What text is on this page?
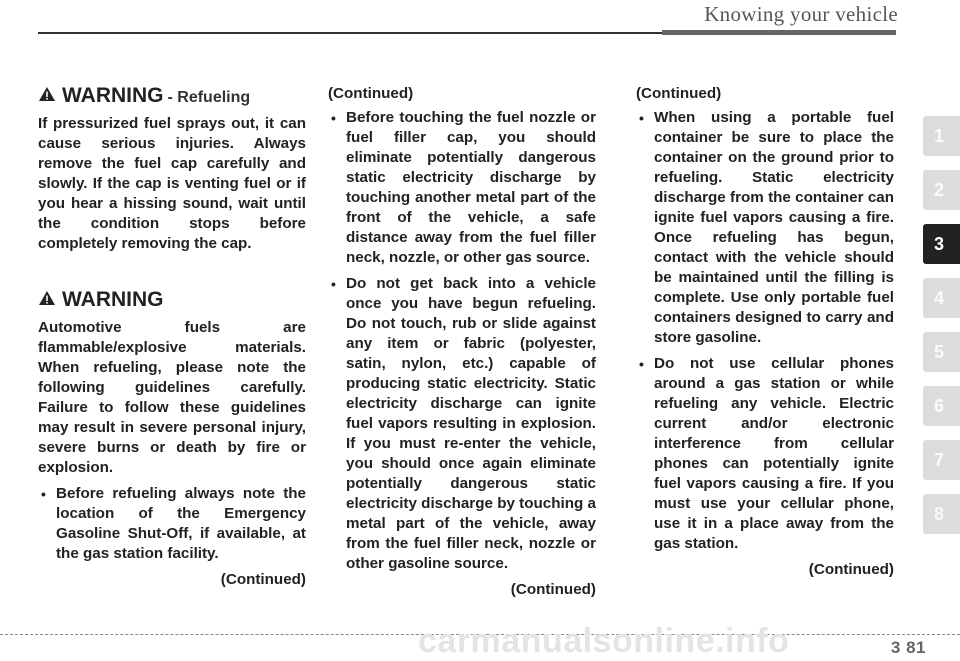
Knowing your vehicle
WARNING - Refueling

If pressurized fuel sprays out, it can cause serious injuries. Always remove the fuel cap carefully and slowly. If the cap is venting fuel or if you hear a hissing sound, wait until the condition stops before completely removing the cap.

WARNING

Automotive fuels are flammable/explosive materials. When refueling, please note the following guidelines carefully. Failure to follow these guidelines may result in severe personal injury, severe burns or death by fire or explosion.

• Before refueling always note the location of the Emergency Gasoline Shut-Off, if available, at the gas station facility.
(Continued)
(Continued)
• Before touching the fuel nozzle or fuel filler cap, you should eliminate potentially dangerous static electricity discharge by touching another metal part of the front of the vehicle, a safe distance away from the fuel filler neck, nozzle, or other gas source.
• Do not get back into a vehicle once you have begun refueling. Do not touch, rub or slide against any item or fabric (polyester, satin, nylon, etc.) capable of producing static electricity. Static electricity discharge can ignite fuel vapors resulting in explosion. If you must re-enter the vehicle, you should once again eliminate potentially dangerous static electricity discharge by touching a metal part of the vehicle, away from the fuel filler neck, nozzle or other gasoline source.
(Continued)
(Continued)
• When using a portable fuel container be sure to place the container on the ground prior to refueling. Static electricity discharge from the container can ignite fuel vapors causing a fire. Once refueling has begun, contact with the vehicle should be maintained until the filling is complete. Use only portable fuel containers designed to carry and store gasoline.
• Do not use cellular phones around a gas station or while refueling any vehicle. Electric current and/or electronic interference from cellular phones can potentially ignite fuel vapors causing a fire. If you must use your cellular phone, use it in a place away from the gas station.
(Continued)
1
2
3
4
5
6
7
8
carmanualsonline.info	3 81
